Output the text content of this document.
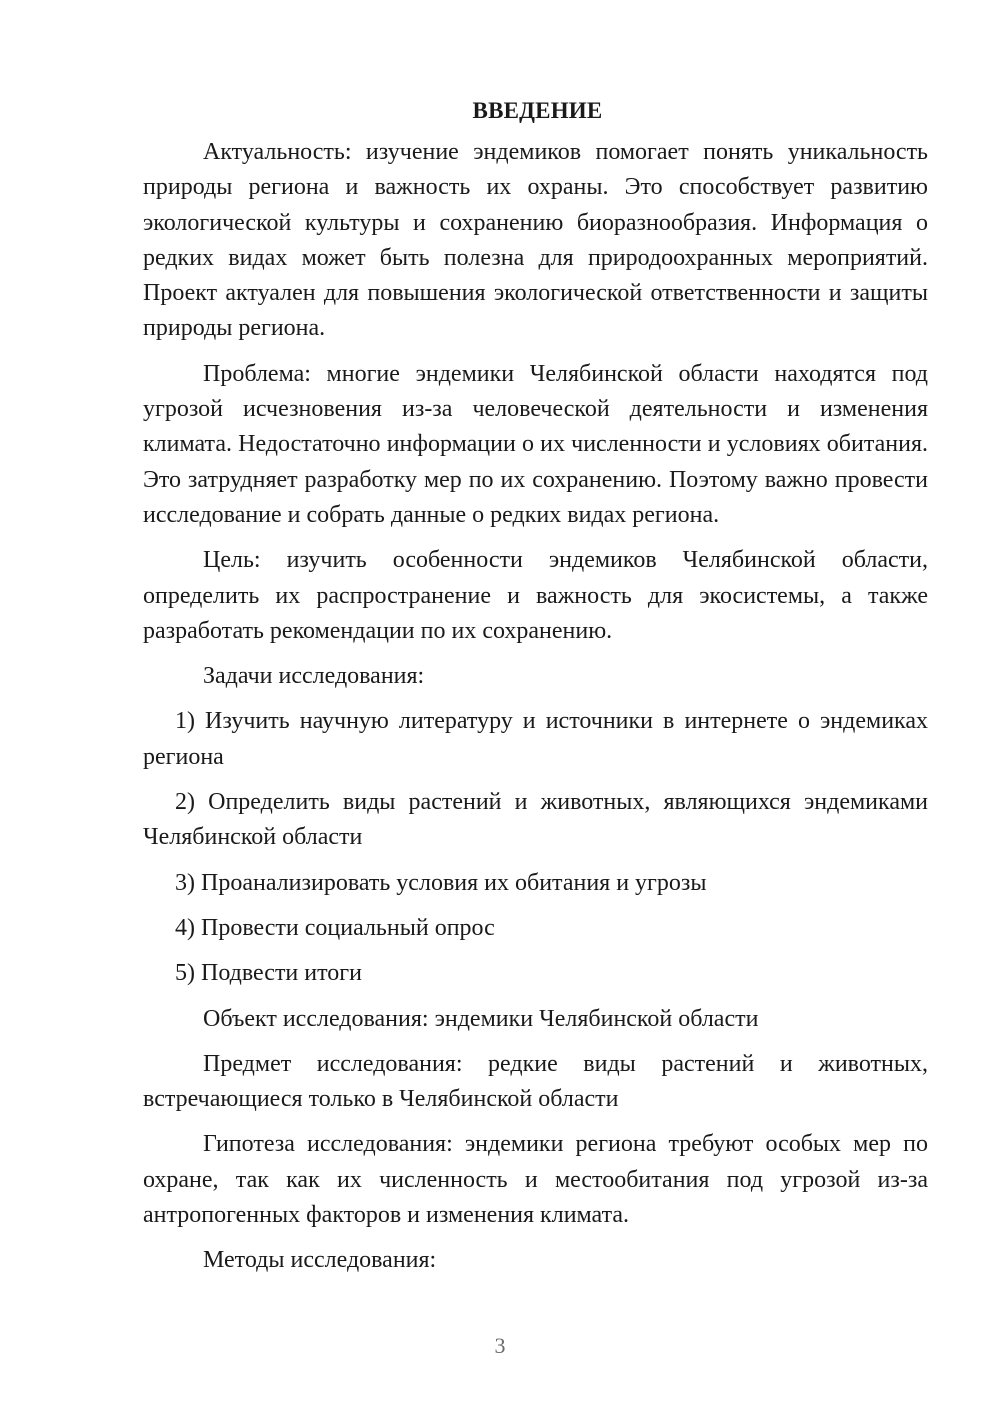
ВВЕДЕНИЕ

Актуальность: изучение эндемиков помогает понять уникальность природы региона и важность их охраны. Это способствует развитию экологической культуры и сохранению биоразнообразия. Информация о редких видах может быть полезна для природоохранных мероприятий. Проект актуален для повышения экологической ответственности и защиты природы региона.

Проблема: многие эндемики Челябинской области находятся под угрозой исчезновения из-за человеческой деятельности и изменения климата. Недостаточно информации о их численности и условиях обитания. Это затрудняет разработку мер по их сохранению. Поэтому важно провести исследование и собрать данные о редких видах региона.

Цель: изучить особенности эндемиков Челябинской области, определить их распространение и важность для экосистемы, а также разработать рекомендации по их сохранению.

Задачи исследования:

1) Изучить научную литературу и источники в интернете о эндемиках региона

2) Определить виды растений и животных, являющихся эндемиками Челябинской области

3) Проанализировать условия их обитания и угрозы

4) Провести социальный опрос

5) Подвести итоги

Объект исследования: эндемики Челябинской области

Предмет исследования: редкие виды растений и животных, встречающиеся только в Челябинской области

Гипотеза исследования: эндемики региона требуют особых мер по охране, так как их численность и местообитания под угрозой из-за антропогенных факторов и изменения климата.

Методы исследования:

3
